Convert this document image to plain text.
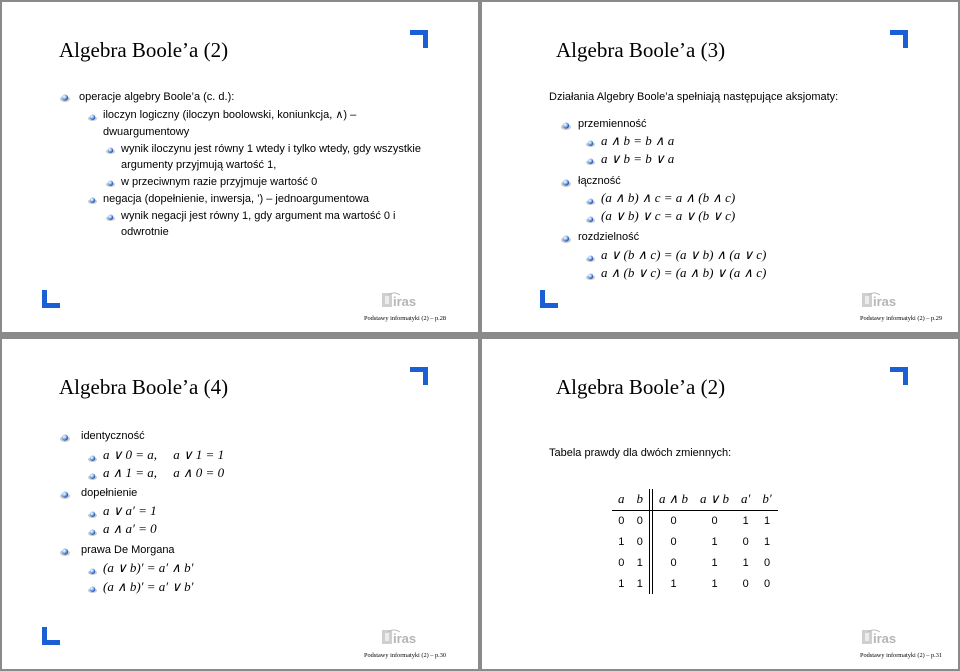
Algebra Boole’a (2)
operacje algebry Boole’a (c. d.):
iloczyn logiczny (iloczyn boolowski, koniunkcja, ∧) –
dwuargumentowy
wynik iloczynu jest równy 1 wtedy i tylko wtedy, gdy wszystkie
argumenty przyjmują wartość 1,
w przeciwnym razie przyjmuje wartość 0
negacja (dopełnienie, inwersja, ’) – jednoargumentowa
wynik negacji jest równy 1, gdy argument ma wartość 0 i
odwrotnie
Podstawy informatyki (2) – p.28
Algebra Boole’a (3)
Działania Algebry Boole’a spełniają następujące aksjomaty:
przemienność
a ∧ b = b ∧ a
a ∨ b = b ∨ a
łączność
(a ∧ b) ∧ c = a ∧ (b ∧ c)
(a ∨ b) ∨ c = a ∨ (b ∨ c)
rozdzielność
a ∨ (b ∧ c) = (a ∨ b) ∧ (a ∨ c)
a ∧ (b ∨ c) = (a ∧ b) ∨ (a ∧ c)
Podstawy informatyki (2) – p.29
Algebra Boole’a (4)
identyczność
a ∨ 0 = a,     a ∨ 1 = 1
a ∧ 1 = a,     a ∧ 0 = 0
dopełnienie
a ∨ a′ = 1
a ∧ a′ = 0
prawa De Morgana
(a ∨ b)′ = a′ ∧ b′
(a ∧ b)′ = a′ ∨ b′
Podstawy informatyki (2) – p.30
Algebra Boole’a (2)
Tabela prawdy dla dwóch zmiennych:
a	b		a ∧ b	a ∨ b	a′	b′
0	0		0	0	1	1
1	0		0	1	0	1
0	1		0	1	1	0
1	1		1	1	0	0
Podstawy informatyki (2) – p.31
